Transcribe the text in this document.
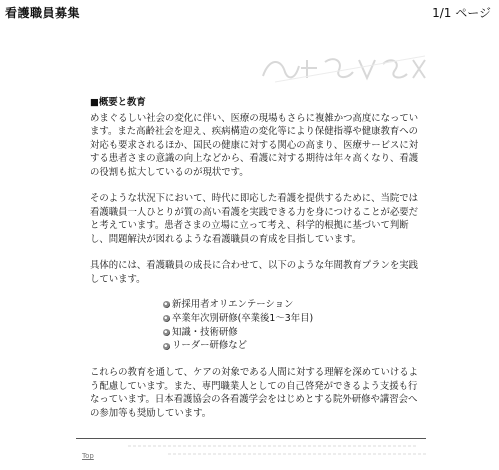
看護職員募集	1/1 ページ
■概要と教育

めまぐるしい社会の変化に伴い、医療の現場もさらに複雑かつ高度になっています。また高齢社会を迎え、疾病構造の変化等により保健指導や健康教育への対応も要求されるほか、国民の健康に対する関心の高まり、医療サービスに対する患者さまの意識の向上などから、看護に対する期待は年々高くなり、看護の役割も拡大しているのが現状です。

そのような状況下において、時代に即応した看護を提供するために、当院では看護職員一人ひとりが質の高い看護を実践できる力を身につけることが必要だと考えています。患者さまの立場に立って考え、科学的根拠に基づいて判断し、問題解決が図れるような看護職員の育成を目指しています。

具体的には、看護職員の成長に合わせて、以下のような年間教育プランを実践しています。

新採用者オリエンテーション
卒業年次別研修(卒業後1〜3年目)
知識・技術研修
リーダー研修など

これらの教育を通して、ケアの対象である人間に対する理解を深めていけるよう配慮しています。また、専門職業人としての自己啓発ができるよう支援も行なっています。日本看護協会の各看護学会をはじめとする院外研修や講習会への参加等も奨励しています。

Top
